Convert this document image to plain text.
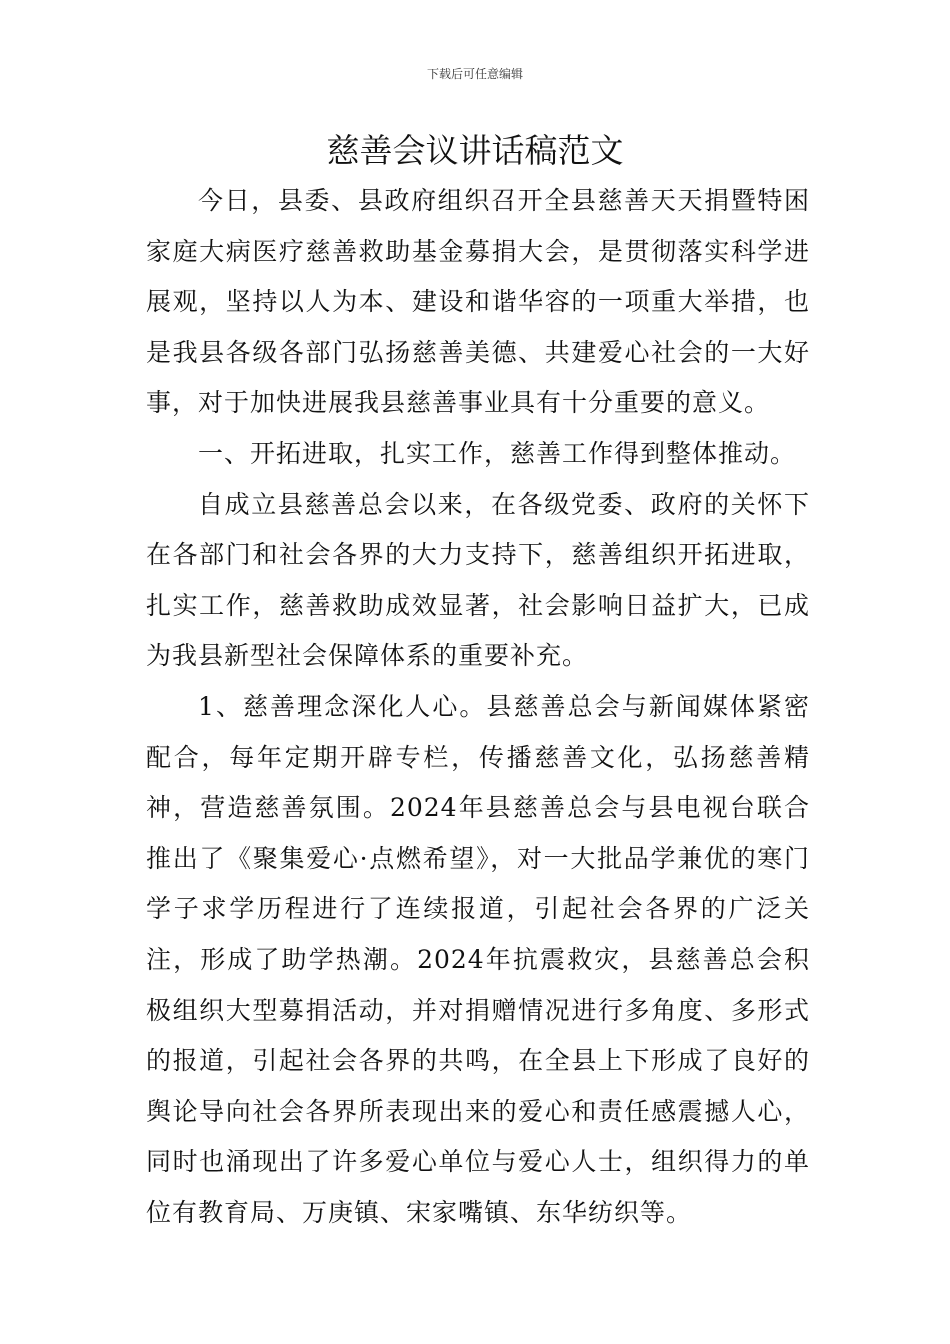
下载后可任意编辑
慈善会议讲话稿范文

今日，县委、县政府组织召开全县慈善天天捐暨特困家庭大病医疗慈善救助基金募捐大会，是贯彻落实科学进展观，坚持以人为本、建设和谐华容的一项重大举措，也是我县各级各部门弘扬慈善美德、共建爱心社会的一大好事，对于加快进展我县慈善事业具有十分重要的意义。

一、开拓进取，扎实工作，慈善工作得到整体推动。

自成立县慈善总会以来，在各级党委、政府的关怀下在各部门和社会各界的大力支持下，慈善组织开拓进取，扎实工作，慈善救助成效显著，社会影响日益扩大，已成为我县新型社会保障体系的重要补充。

1、慈善理念深化人心。县慈善总会与新闻媒体紧密配合，每年定期开辟专栏，传播慈善文化，弘扬慈善精神，营造慈善氛围。2024年县慈善总会与县电视台联合推出了《聚集爱心·点燃希望》，对一大批品学兼优的寒门学子求学历程进行了连续报道，引起社会各界的广泛关注，形成了助学热潮。2024年抗震救灾，县慈善总会积极组织大型募捐活动，并对捐赠情况进行多角度、多形式的报道，引起社会各界的共鸣，在全县上下形成了良好的舆论导向社会各界所表现出来的爱心和责任感震撼人心，同时也涌现出了许多爱心单位与爱心人士，组织得力的单位有教育局、万庚镇、宋家嘴镇、东华纺织等。
